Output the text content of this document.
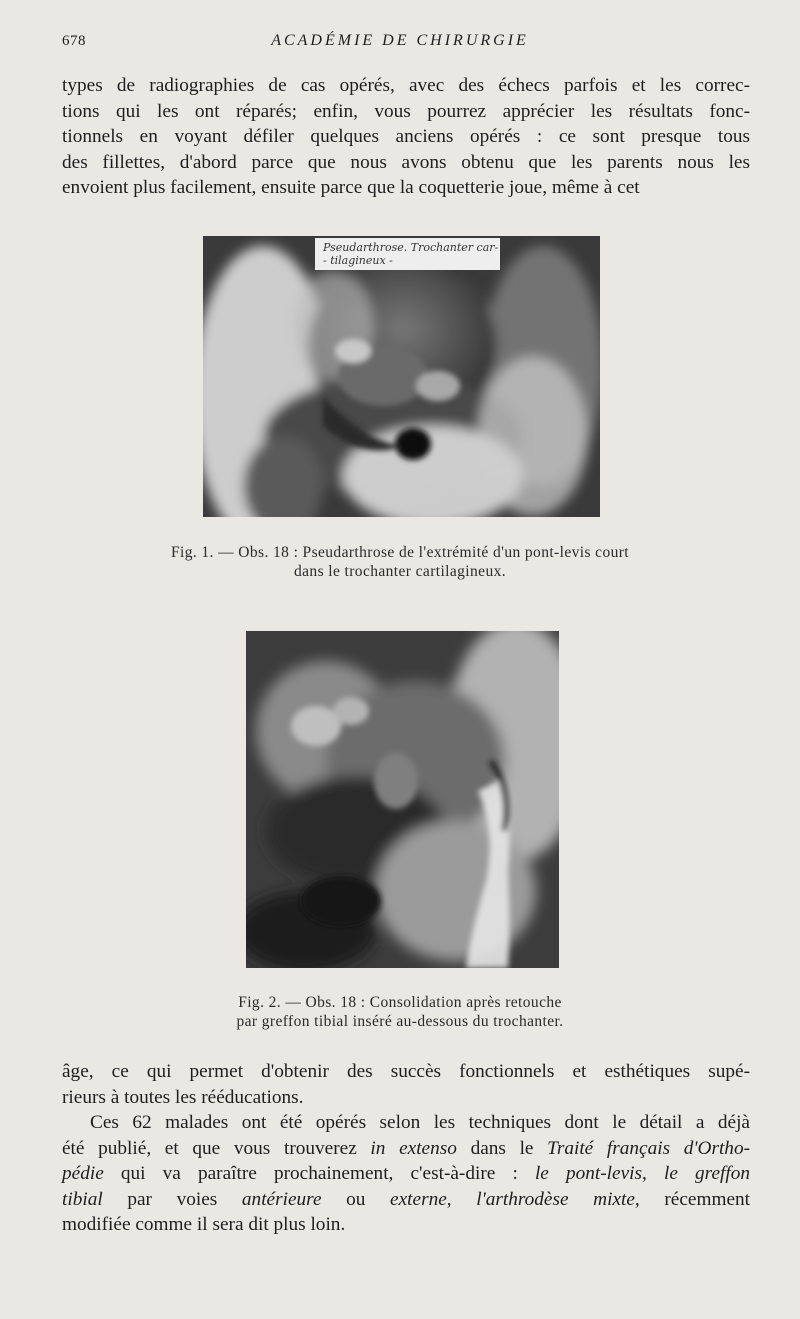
678	ACADÉMIE DE CHIRURGIE
types de radiographies de cas opérés, avec des échecs parfois et les correc-
tions qui les ont réparés; enfin, vous pourrez apprécier les résultats fonc-
tionnels en voyant défiler quelques anciens opérés : ce sont presque tous
des fillettes, d'abord parce que nous avons obtenu que les parents nous les
envoient plus facilement, ensuite parce que la coquetterie joue, même à cet
Pseudarthrose. Trochanter car-
- tilagineux -
Fig. 1. — Obs. 18 : Pseudarthrose de l'extrémité d'un pont-levis court
dans le trochanter cartilagineux.
Fig. 2. — Obs. 18 : Consolidation après retouche
par greffon tibial inséré au-dessous du trochanter.
âge, ce qui permet d'obtenir des succès fonctionnels et esthétiques supé-
rieurs à toutes les rééducations.
Ces 62 malades ont été opérés selon les techniques dont le détail a déjà
été publié, et que vous trouverez in extenso dans le Traité français d'Ortho-
pédie qui va paraître prochainement, c'est-à-dire : le pont-levis, le greffon
tibial par voies antérieure ou externe, l'arthrodèse mixte, récemment
modifiée comme il sera dit plus loin.
